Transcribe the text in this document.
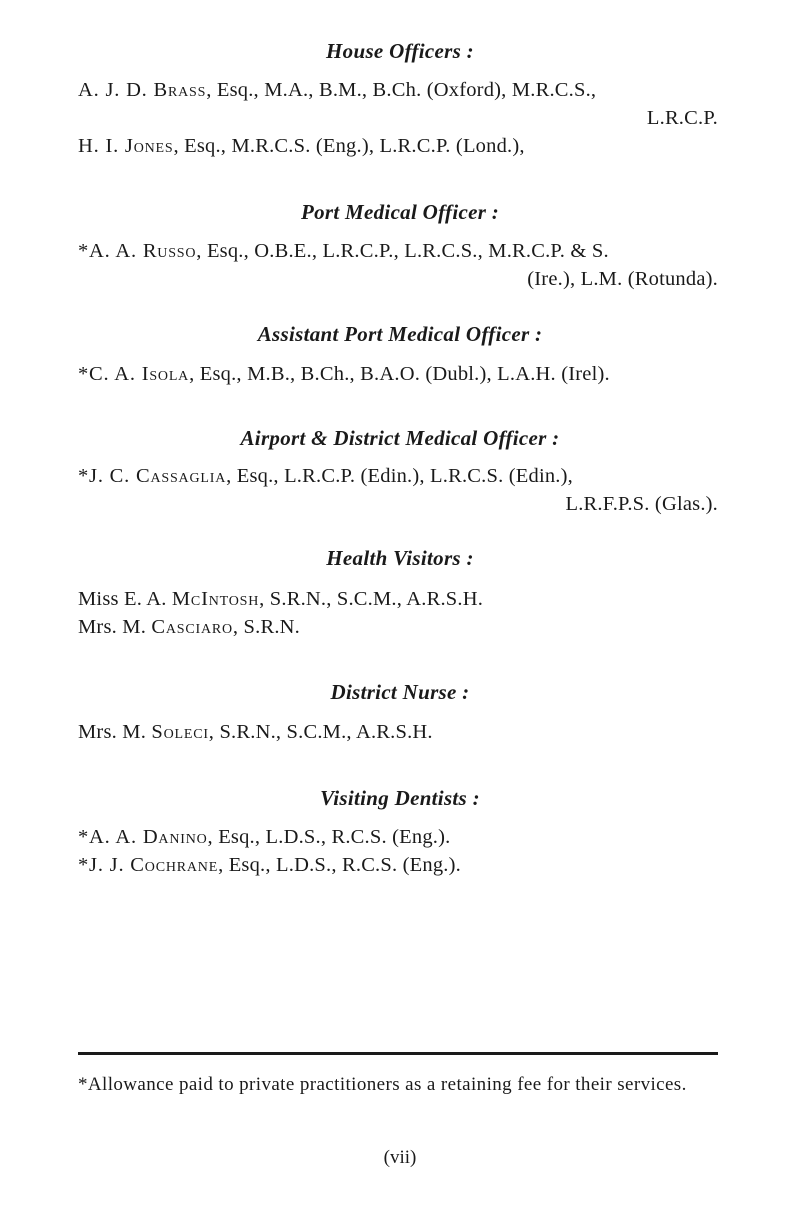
House Officers :
A. J. D. Brass, Esq., M.A., B.M., B.Ch. (Oxford), M.R.C.S.,
L.R.C.P.
H. I. Jones, Esq., M.R.C.S. (Eng.), L.R.C.P. (Lond.),
Port Medical Officer :
*A. A. Russo, Esq., O.B.E., L.R.C.P., L.R.C.S., M.R.C.P. & S.
(Ire.), L.M. (Rotunda).
Assistant Port Medical Officer :
*C. A. Isola, Esq., M.B., B.Ch., B.A.O. (Dubl.), L.A.H. (Irel).
Airport & District Medical Officer :
*J. C. Cassaglia, Esq., L.R.C.P. (Edin.), L.R.C.S. (Edin.),
L.R.F.P.S. (Glas.).
Health Visitors :
Miss E. A. McIntosh, S.R.N., S.C.M., A.R.S.H.
Mrs. M. Casciaro, S.R.N.
District Nurse :
Mrs. M. Soleci, S.R.N., S.C.M., A.R.S.H.
Visiting Dentists :
*A. A. Danino, Esq., L.D.S., R.C.S. (Eng.).
*J. J. Cochrane, Esq., L.D.S., R.C.S. (Eng.).
*Allowance paid to private practitioners as a retaining fee for their services.
(vii)
